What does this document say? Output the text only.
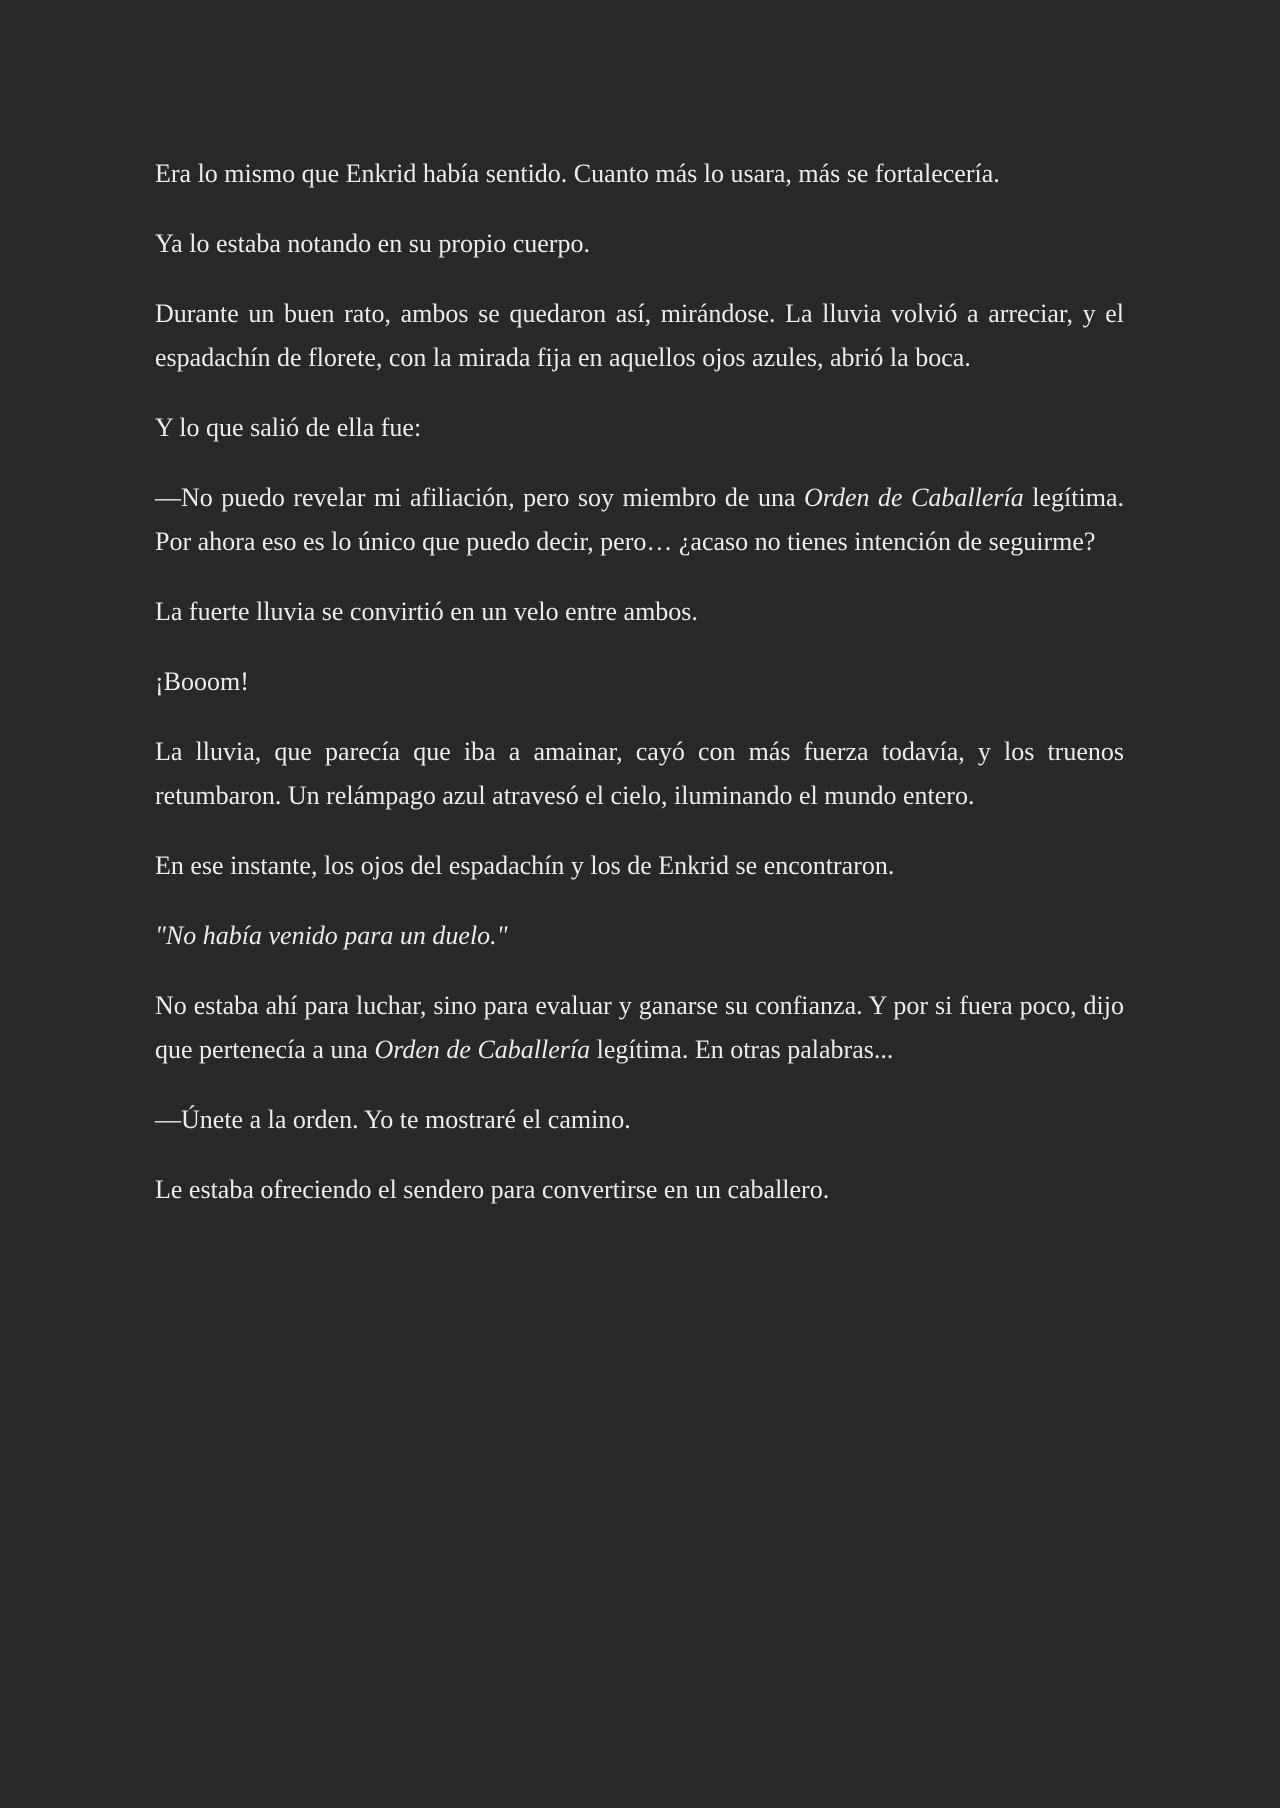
Era lo mismo que Enkrid había sentido. Cuanto más lo usara, más se fortalecería.

Ya lo estaba notando en su propio cuerpo.

Durante un buen rato, ambos se quedaron así, mirándose. La lluvia volvió a arreciar, y el espadachín de florete, con la mirada fija en aquellos ojos azules, abrió la boca.

Y lo que salió de ella fue:

—No puedo revelar mi afiliación, pero soy miembro de una Orden de Caballería legítima. Por ahora eso es lo único que puedo decir, pero… ¿acaso no tienes intención de seguirme?

La fuerte lluvia se convirtió en un velo entre ambos.

¡Booom!

La lluvia, que parecía que iba a amainar, cayó con más fuerza todavía, y los truenos retumbaron. Un relámpago azul atravesó el cielo, iluminando el mundo entero.

En ese instante, los ojos del espadachín y los de Enkrid se encontraron.

"No había venido para un duelo."

No estaba ahí para luchar, sino para evaluar y ganarse su confianza. Y por si fuera poco, dijo que pertenecía a una Orden de Caballería legítima. En otras palabras...

—Únete a la orden. Yo te mostraré el camino.

Le estaba ofreciendo el sendero para convertirse en un caballero.
